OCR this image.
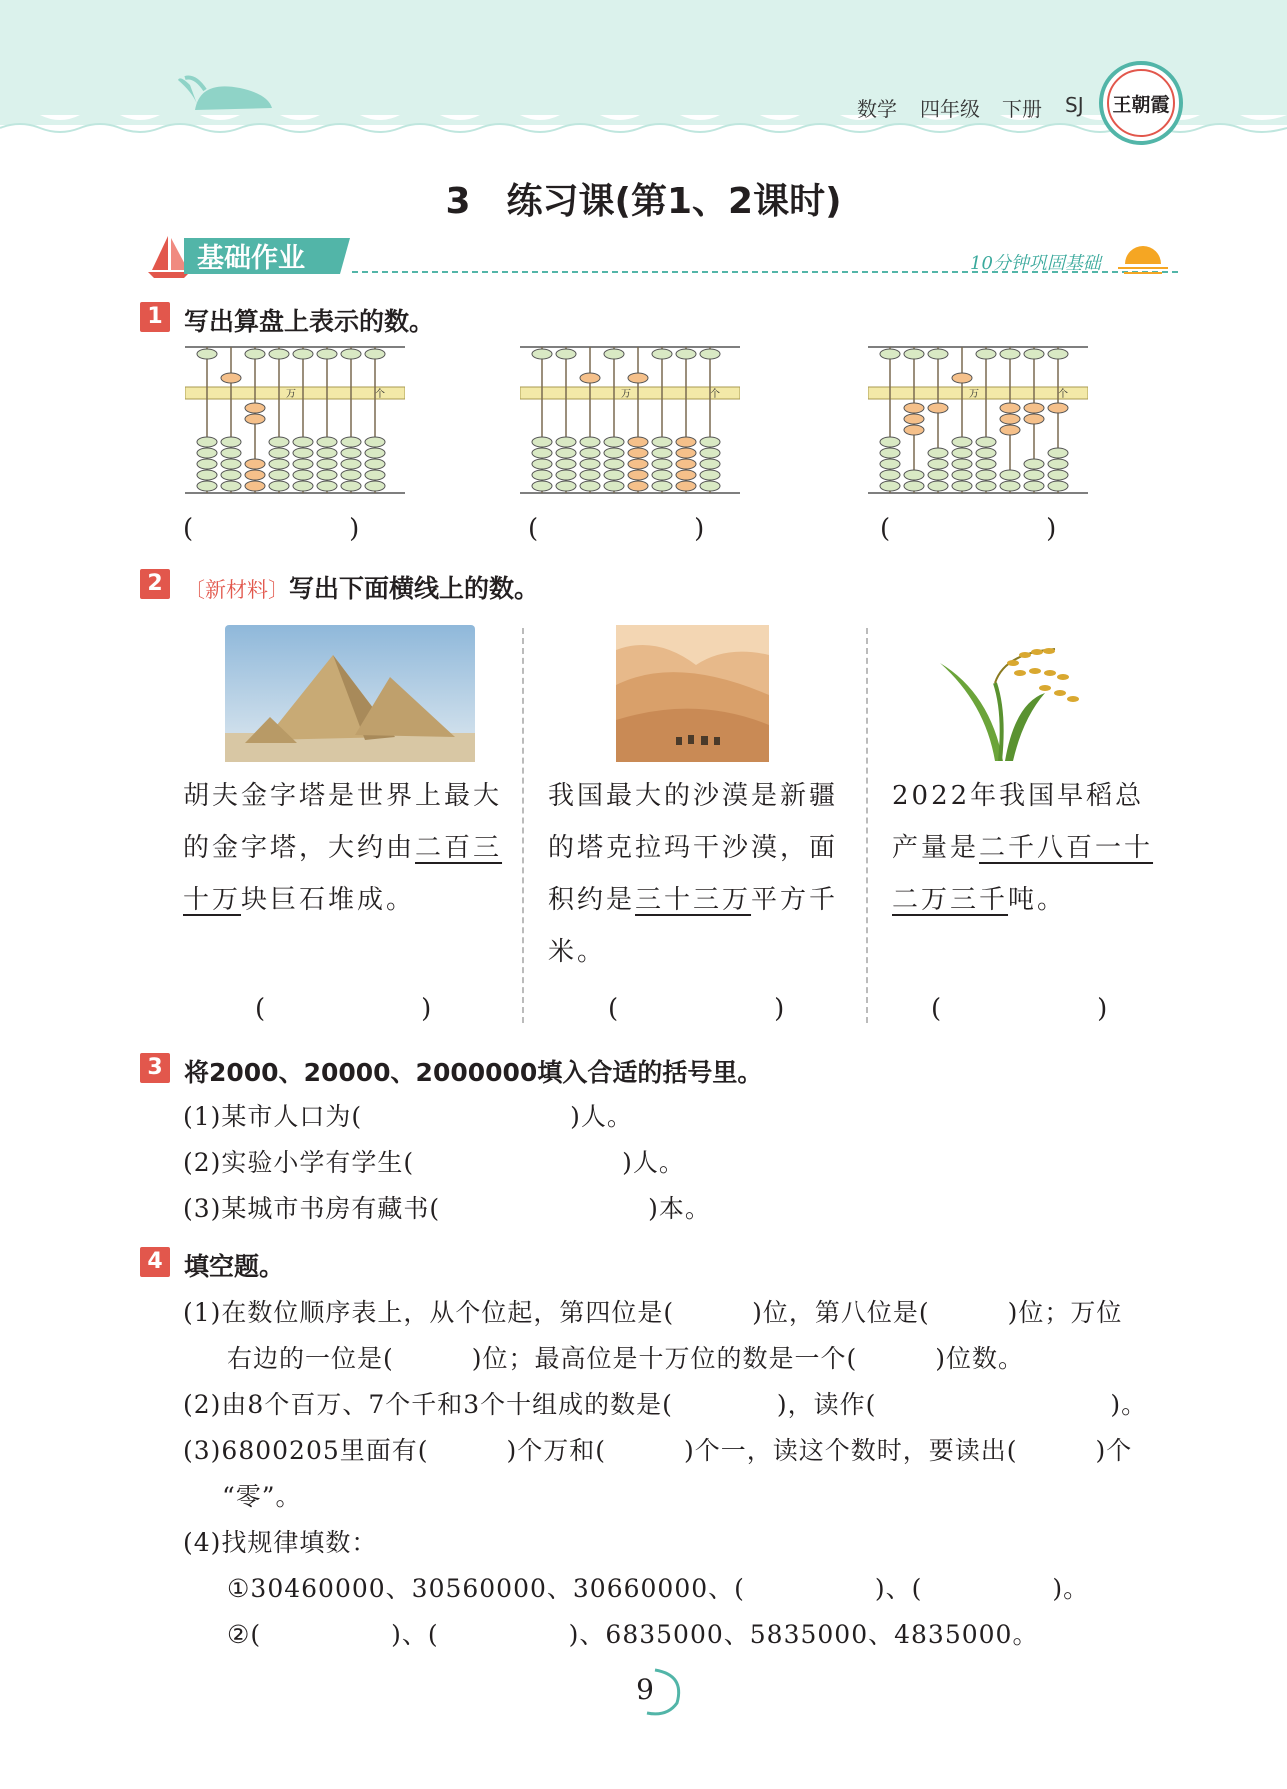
数学 四年级 下册 SJ	王朝霞
3　练习课(第1、2课时)
基础作业	10分钟巩固基础
1 写出算盘上表示的数。
万	个	万	个	万	个
(　　　　　　)	(　　　　　　)	(　　　　　　)
2	〔新材料〕写出下面横线上的数。
胡夫金字塔是世界上最大的金字塔，大约由二百三十万块巨石堆成。
我国最大的沙漠是新疆的塔克拉玛干沙漠，面积约是三十三万平方千米。
2022年我国早稻总产量是二千八百一十二万三千吨。
(　　　　　　)	(　　　　　　)	(　　　　　　)
3 将2000、20000、2000000填入合适的括号里。
(1)某市人口为(　　　　　　　　)人。
(2)实验小学有学生(　　　　　　　　)人。
(3)某城市书房有藏书(　　　　　　　　)本。
4 填空题。
(1)在数位顺序表上，从个位起，第四位是(　　　)位，第八位是(　　　)位；万位
右边的一位是(　　　)位；最高位是十万位的数是一个(　　　)位数。
(2)由8个百万、7个千和3个十组成的数是(　　　　)，读作(　　　　　　　　　)。
(3)6800205里面有(　　　)个万和(　　　)个一，读这个数时，要读出(　　　)个
“零”。
(4)找规律填数：
①30460000、30560000、30660000、(　　　　　)、(　　　　　)。
②(　　　　　)、(　　　　　)、6835000、5835000、4835000。
9
